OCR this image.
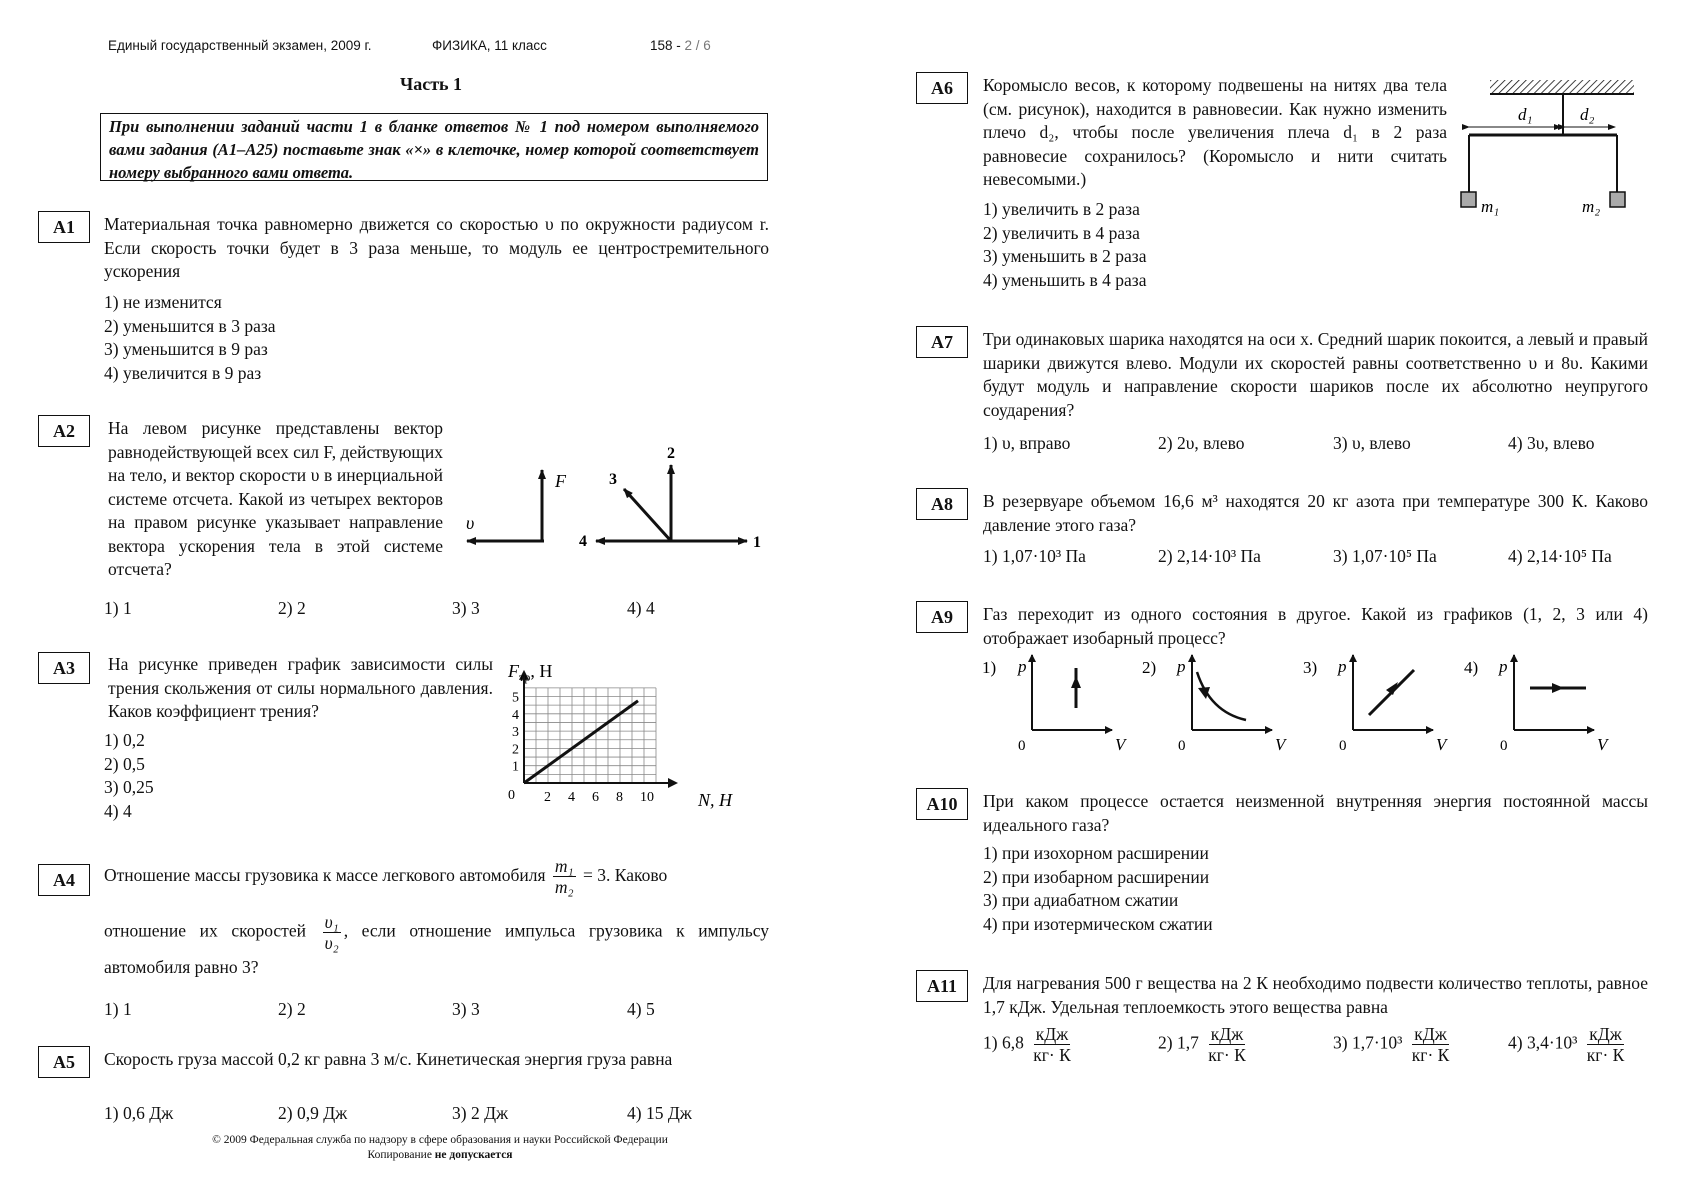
Единый государственный экзамен, 2009 г.	ФИЗИКА, 11 класс	158 - 2 / 6
Часть 1
При выполнении заданий части 1 в бланке ответов № 1 под номером выполняемого вами задания (А1–А25) поставьте знак «×» в клеточке, номер которой соответствует номеру выбранного вами ответа.
А1	Материальная точка равномерно движется со скоростью υ по окружности радиусом r. Если скорость точки будет в 3 раза меньше, то модуль ее центростремительного ускорения
1) не изменится
2) уменьшится в 3 раза
3) уменьшится в 9 раз
4) увеличится в 9 раз
А2	На левом рисунке представлены вектор равнодействующей всех сил F, действующих на тело, и вектор скорости υ в инерциальной системе отсчета. Какой из четырех векторов на правом рисунке указывает направление вектора ускорения тела в этой системе отсчета?
F
υ
1
2
3
4
1) 1	2) 2	3) 3	4) 4
А3	На рисунке приведен график зависимости силы трения скольжения от силы нормального давления. Каков коэффициент трения?
1) 0,2
2) 0,5
3) 0,25
4) 4
2 4 6 8 10
1
2
3
4
5
0
$F_{тр}$, Н
N, Н
А4	Отношение массы грузовика к массе легкового автомобиля $\frac{\text{m₁}}{\text{m₂}} = 3$. Каково
отношение их скоростей $\frac{\text{υ₁}}{\text{υ₂}}$ , если отношение импульса грузовика к импульсу автомобиля равно 3?
1) 1	2) 2	3) 3	4) 5
А5	Скорость груза массой 0,2 кг равна 3 м/с. Кинетическая энергия груза равна
1) 0,6 Дж	2) 0,9 Дж	3) 2 Дж	4) 15 Дж
© 2009 Федеральная служба по надзору в сфере образования и науки Российской Федерации
Копирование не допускается
А6	Коромысло весов, к которому подвешены на нитях два тела (см. рисунок), находится в равновесии. Как нужно изменить плечо d₂, чтобы после увеличения плеча d₁ в 2 раза равновесие сохранилось? (Коромысло и нити считать невесомыми.)
d₁	d₂
m₁	m₂
1) увеличить в 2 раза
2) увеличить в 4 раза
3) уменьшить в 2 раза
4) уменьшить в 4 раза
А7	Три одинаковых шарика находятся на оси x. Средний шарик покоится, а левый и правый шарики движутся влево. Модули их скоростей равны соответственно υ и 8υ. Какими будут модуль и направление скорости шариков после их абсолютно неупругого соударения?
1) υ, вправо	2) 2υ, влево	3) υ, влево	4) 3υ, влево
А8	В резервуаре объемом 16,6 м³ находятся 20 кг азота при температуре 300 К. Каково давление этого газа?
1) 1,07·10³ Па	2) 2,14·10³ Па	3) 1,07·10⁵ Па	4) 2,14·10⁵ Па
А9	Газ переходит из одного состояния в другое. Какой из графиков (1, 2, 3 или 4) отображает изобарный процесс?
1) p
V
0
2) p
V
0
3) p
V
0
4) p
V
0
А10	При каком процессе остается неизменной внутренняя энергия постоянной массы идеального газа?
1) при изохорном расширении
2) при изобарном расширении
3) при адиабатном сжатии
4) при изотермическом сжатии
А11	Для нагревания 500 г вещества на 2 К необходимо подвести количество теплоты, равное 1,7 кДж. Удельная теплоемкость этого вещества равна
1) $6,8 \frac{\text{кДж}}{кг\cdot К}$	2) $1,7 \frac{\text{кДж}}{кг\cdot К}$	3) $1,7\cdot 10^3 \frac{\text{кДж}}{кг\cdot К}$	4) $3,4\cdot 10^3 \frac{\text{кДж}}{кг\cdot К}$
